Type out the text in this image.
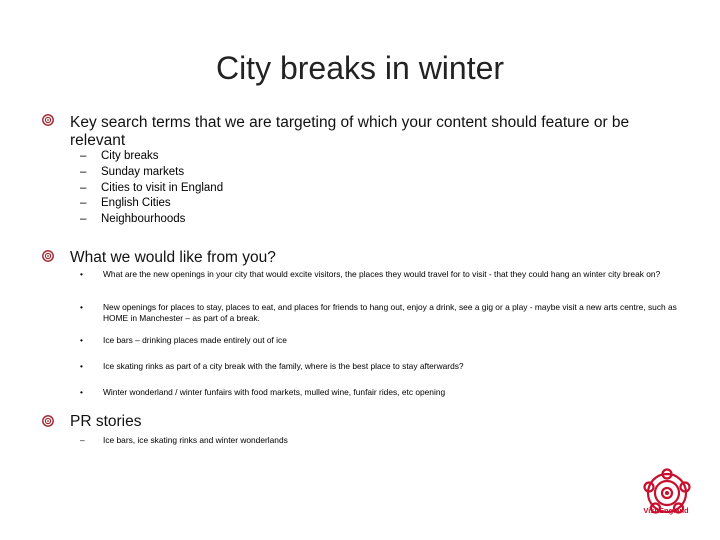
City breaks in winter
Key search terms that we are targeting of which your content should feature or be
relevant
– City breaks
– Sunday markets
– Cities to visit in England
– English Cities
– Neighbourhoods
What we would like from you?
• What are the new openings in your city that would excite visitors, the places they would travel for to visit - that they could hang an winter city break on?
• New openings for places to stay, places to eat, and places for friends to hang out, enjoy a drink, see a gig or a play - maybe visit a new arts centre, such as HOME in Manchester – as part of a break.
• Ice bars – drinking places made entirely out of ice
• Ice skating rinks as part of a city break with the family, where is the best place to stay afterwards?
• Winter wonderland / winter funfairs with food markets, mulled wine, funfair rides, etc opening
PR stories
– Ice bars, ice skating rinks and winter wonderlands
VisitEngland
